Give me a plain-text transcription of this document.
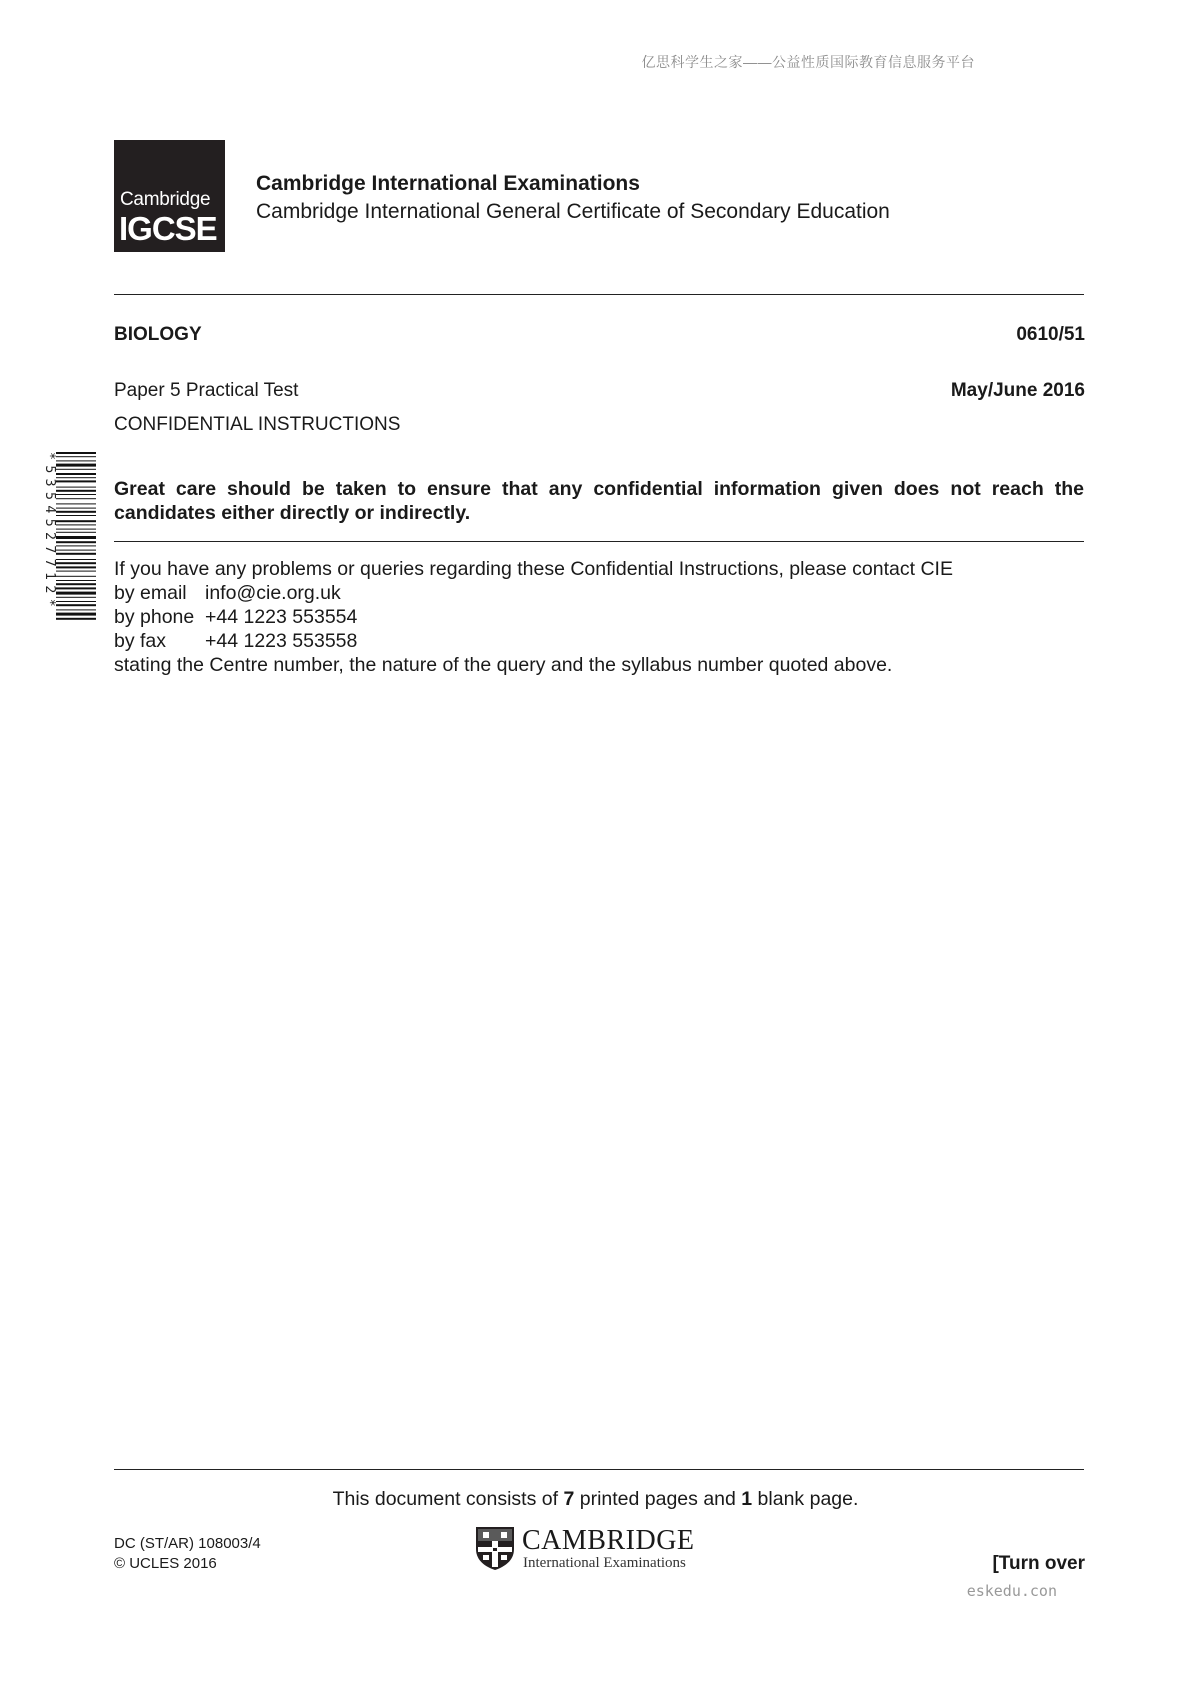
亿思科学生之家——公益性质国际教育信息服务平台
Cambridge
IGCSE
Cambridge International Examinations
Cambridge International General Certificate of Secondary Education
BIOLOGY	0610/51
Paper 5 Practical Test	May/June 2016
CONFIDENTIAL INSTRUCTIONS
*5354527712*	Great care should be taken to ensure that any confidential information given does not reach the candidates either directly or indirectly.
If you have any problems or queries regarding these Confidential Instructions, please contact CIE
by email info@cie.org.uk
by phone +44 1223 553554
by fax	+44 1223 553558
stating the Centre number, the nature of the query and the syllabus number quoted above.
This document consists of 7 printed pages and 1 blank page.
DC (ST/AR) 108003/4
© UCLES 2016
CAMBRIDGE
International Examinations	[Turn over
eskedu.con
